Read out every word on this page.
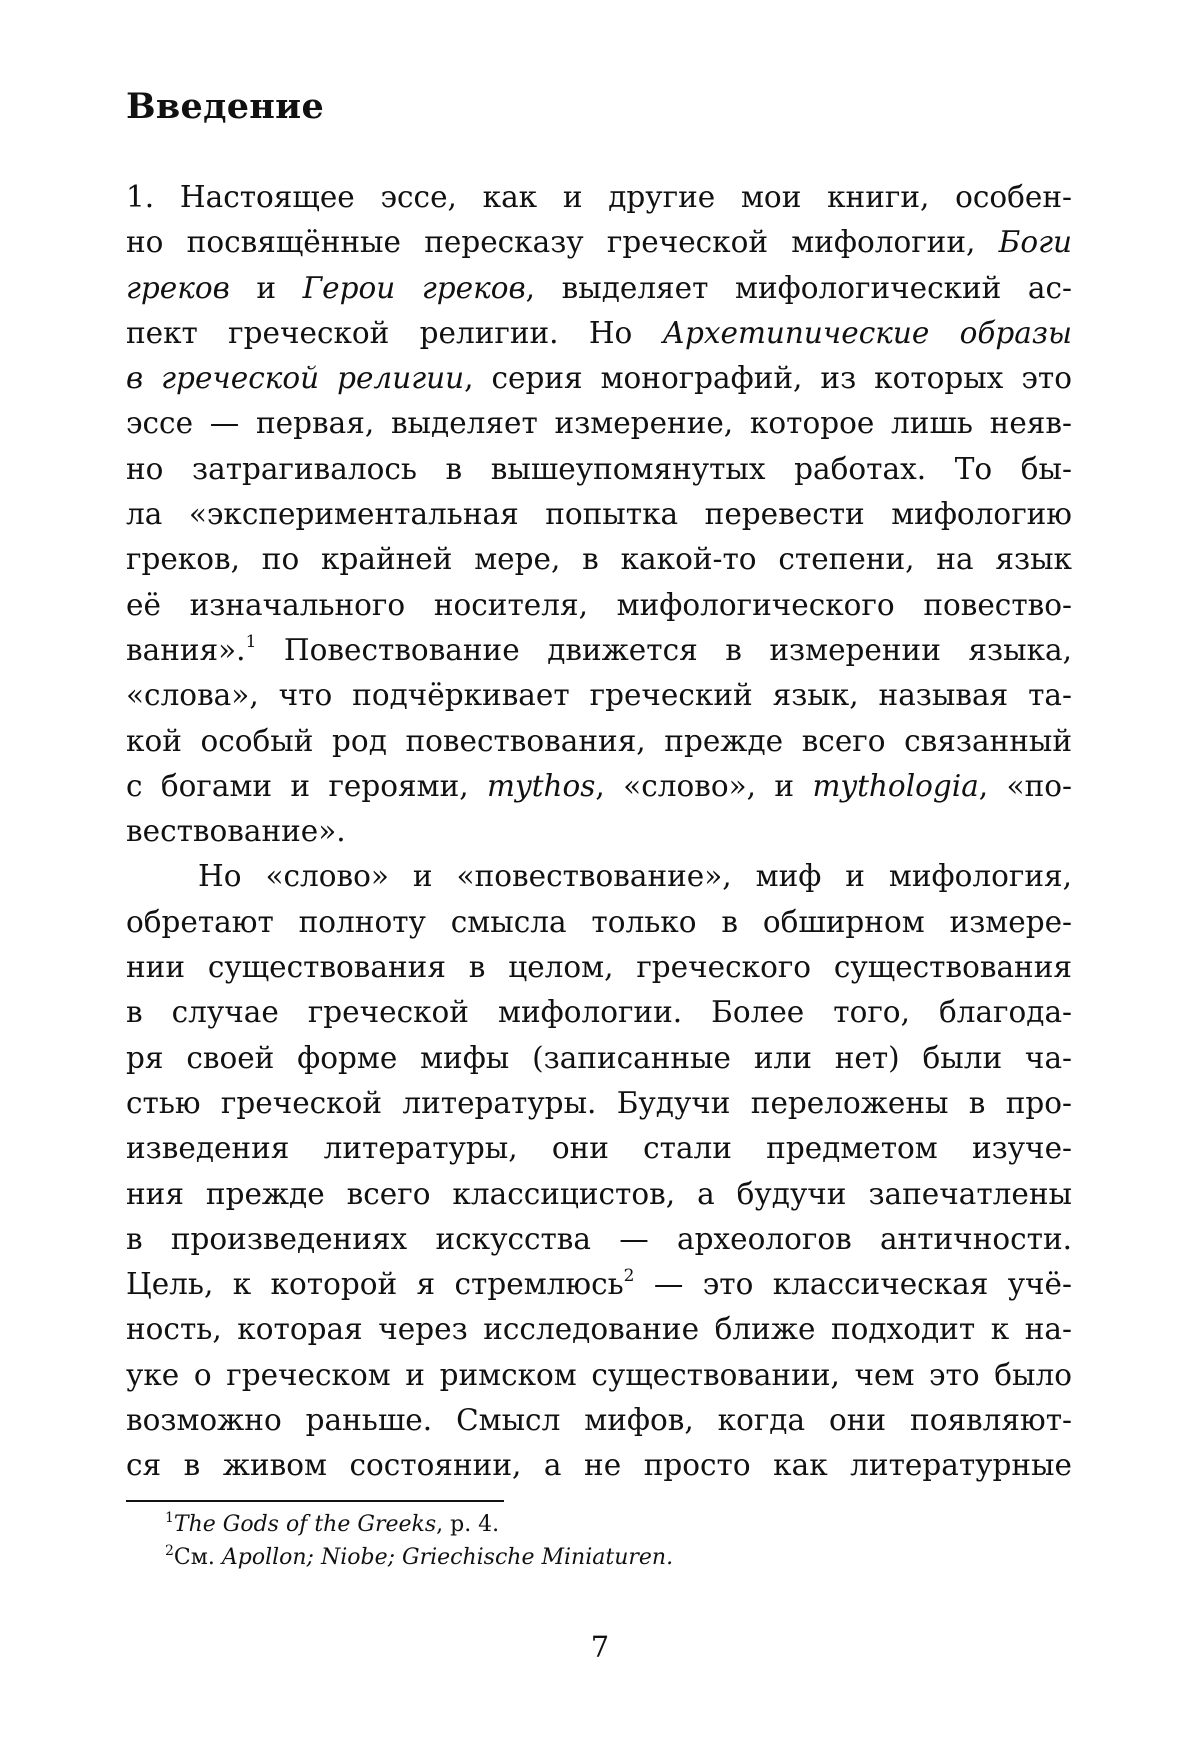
Введение
1. Настоящее эссе, как и другие мои книги, особен-
но посвящённые пересказу греческой мифологии, Боги
греков и Герои греков, выделяет мифологический ас-
пект греческой религии. Но Архетипические образы
в греческой религии, серия монографий, из которых это
эссе — первая, выделяет измерение, которое лишь неяв-
но затрагивалось в вышеупомянутых работах. То бы-
ла «экспериментальная попытка перевести мифологию
греков, по крайней мере, в какой-то степени, на язык
её изначального носителя, мифологического повество-
вания».$^1$ Повествование движется в измерении языка,
«слова», что подчёркивает греческий язык, называя та-
кой особый род повествования, прежде всего связанный
с богами и героями, mythos, «слово», и mythologia, «по-
вествование».
Но «слово» и «повествование», миф и мифология,
обретают полноту смысла только в обширном измере-
нии существования в целом, греческого существования
в случае греческой мифологии. Более того, благода-
ря своей форме мифы (записанные или нет) были ча-
стью греческой литературы. Будучи переложены в про-
изведения литературы, они стали предметом изуче-
ния прежде всего классицистов, а будучи запечатлены
в произведениях искусства — археологов античности.
Цель, к которой я стремлюсь$^2$ — это классическая учё-
ность, которая через исследование ближе подходит к на-
уке о греческом и римском существовании, чем это было
возможно раньше. Смысл мифов, когда они появляют-
ся в живом состоянии, а не просто как литературные
$^1$The Gods of the Greeks, p. 4.
$^2$См. Apollon; Niobe; Griechische Miniaturen.
7
